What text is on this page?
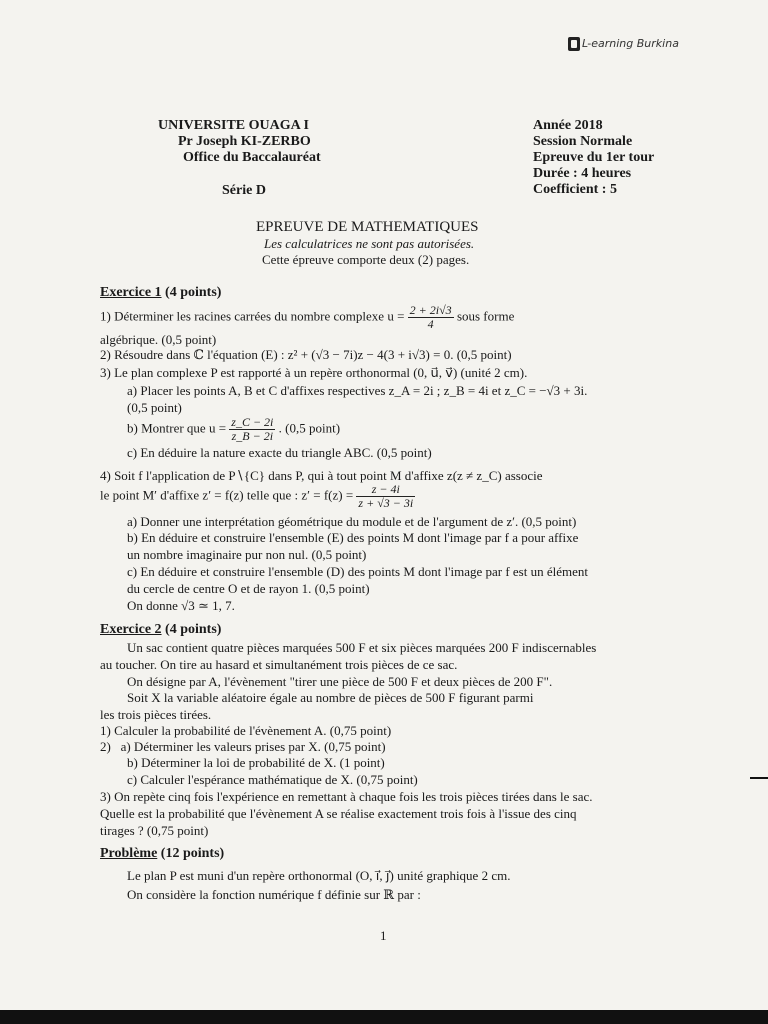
L-earning Burkina
UNIVERSITE OUAGA I
Pr Joseph KI-ZERBO
Office du Baccalauréat
Série D
Année 2018
Session Normale
Epreuve du 1er tour
Durée : 4 heures
Coefficient : 5
EPREUVE DE MATHEMATIQUES
Les calculatrices ne sont pas autorisées.
Cette épreuve comporte deux (2) pages.
Exercice 1 (4 points)
1) Déterminer les racines carrées du nombre complexe $u = \frac{2 + 2i√3}{4}$ sous forme
algébrique. (0,5 point)
2) Résoudre dans ℂ l'équation (E) : z² + (√3 − 7i)z − 4(3 + i√3) = 0. (0,5 point)
3) Le plan complexe P est rapporté à un repère orthonormal (0, u⃗, v⃗) (unité 2 cm).
a) Placer les points A, B et C d'affixes respectives z_A = 2i ; z_B = 4i et z_C = −√3 + 3i.
(0,5 point)
b) Montrer que $u = \frac{z\_C - 2i}{z\_B - 2i}$ . (0,5 point)
c) En déduire la nature exacte du triangle ABC. (0,5 point)
4) Soit f l'application de P∖{C} dans P, qui à tout point M d'affixe z(z ≠ z_C) associe
le point M′ d'affixe z′ = f(z) telle que : $z' = f(z) = \frac{z - 4i}{z + √3 - 3i}$
a) Donner une interprétation géométrique du module et de l'argument de z′. (0,5 point)
b) En déduire et construire l'ensemble (E) des points M dont l'image par f a pour affixe
un nombre imaginaire pur non nul. (0,5 point)
c) En déduire et construire l'ensemble (D) des points M dont l'image par f est un élément
du cercle de centre O et de rayon 1. (0,5 point)
On donne √3 ≃ 1, 7.
Exercice 2 (4 points)
Un sac contient quatre pièces marquées 500 F et six pièces marquées 200 F indiscernables
au toucher. On tire au hasard et simultanément trois pièces de ce sac.
On désigne par A, l'évènement "tirer une pièce de 500 F et deux pièces de 200 F".
Soit X la variable aléatoire égale au nombre de pièces de 500 F figurant parmi
les trois pièces tirées.
1) Calculer la probabilité de l'évènement A. (0,75 point)
2)   a) Déterminer les valeurs prises par X. (0,75 point)
b) Déterminer la loi de probabilité de X. (1 point)
c) Calculer l'espérance mathématique de X. (0,75 point)
3) On repète cinq fois l'expérience en remettant à chaque fois les trois pièces tirées dans le sac.
Quelle est la probabilité que l'évènement A se réalise exactement trois fois à l'issue des cinq
tirages ? (0,75 point)
Problème (12 points)
Le plan P est muni d'un repère orthonormal (O, i⃗, j⃗) unité graphique 2 cm.
On considère la fonction numérique f définie sur ℝ par :
1
